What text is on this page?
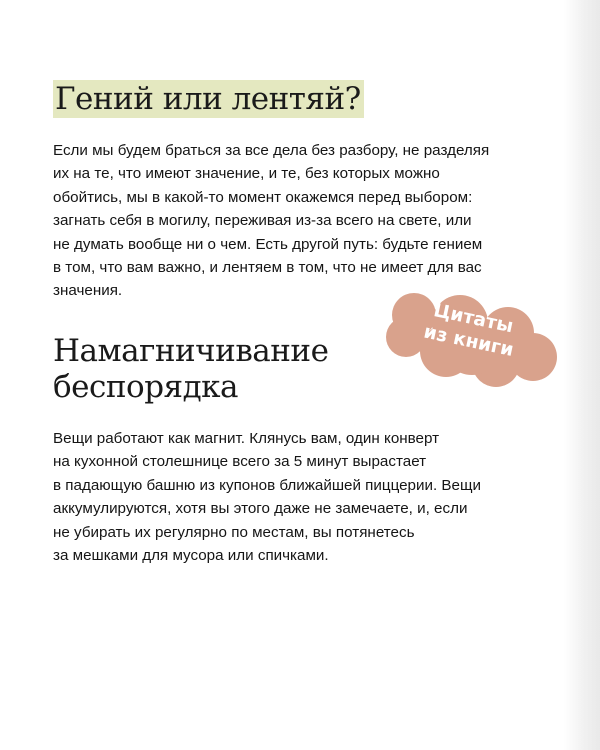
Гений или лентяй?

Если мы будем браться за все дела без разбору, не разделяя
их на те, что имеют значение, и те, без которых можно
обойтись, мы в какой-то момент окажемся перед выбором:
загнать себя в могилу, переживая из-за всего на свете, или
не думать вообще ни о чем. Есть другой путь: будьте гением
в том, что вам важно, и лентяем в том, что не имеет для вас
значения.

Цитаты
из книги
Намагничивание беспорядка

Вещи работают как магнит. Клянусь вам, один конверт
на кухонной столешнице всего за 5 минут вырастает
в падающую башню из купонов ближайшей пиццерии. Вещи
аккумулируются, хотя вы этого даже не замечаете, и, если
не убирать их регулярно по местам, вы потянетесь
за мешками для мусора или спичками.
